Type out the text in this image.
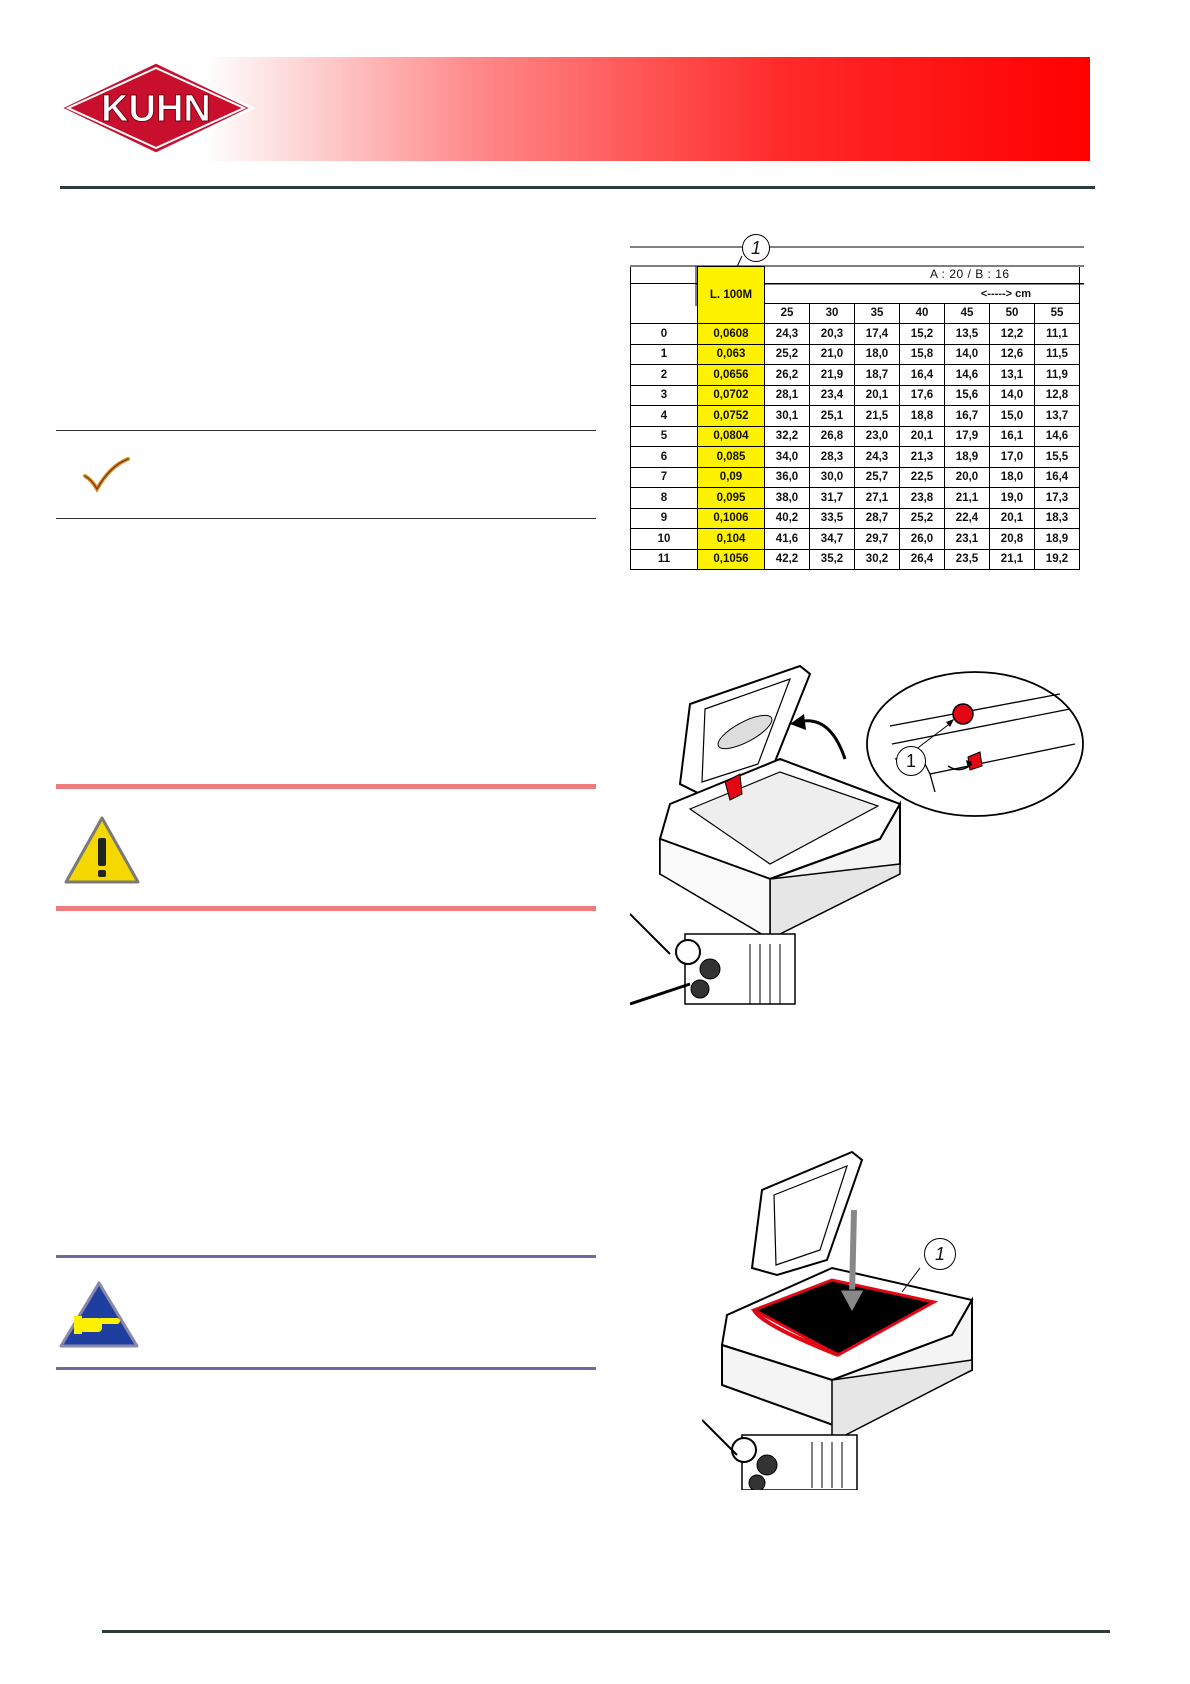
KUHN
1
A : 20 / B : 16
	L. 100M							
		<-----> cm						
		25	30	35	40	45	50	55
0	0,0608	24,3	20,3	17,4	15,2	13,5	12,2	11,1
1	0,063	25,2	21,0	18,0	15,8	14,0	12,6	11,5
2	0,0656	26,2	21,9	18,7	16,4	14,6	13,1	11,9
3	0,0702	28,1	23,4	20,1	17,6	15,6	14,0	12,8
4	0,0752	30,1	25,1	21,5	18,8	16,7	15,0	13,7
5	0,0804	32,2	26,8	23,0	20,1	17,9	16,1	14,6
6	0,085	34,0	28,3	24,3	21,3	18,9	17,0	15,5
7	0,09	36,0	30,0	25,7	22,5	20,0	18,0	16,4
8	0,095	38,0	31,7	27,1	23,8	21,1	19,0	17,3
9	0,1006	40,2	33,5	28,7	25,2	22,4	20,1	18,3
10	0,104	41,6	34,7	29,7	26,0	23,1	20,8	18,9
11	0,1056	42,2	35,2	30,2	26,4	23,5	21,1	19,2
1
1
